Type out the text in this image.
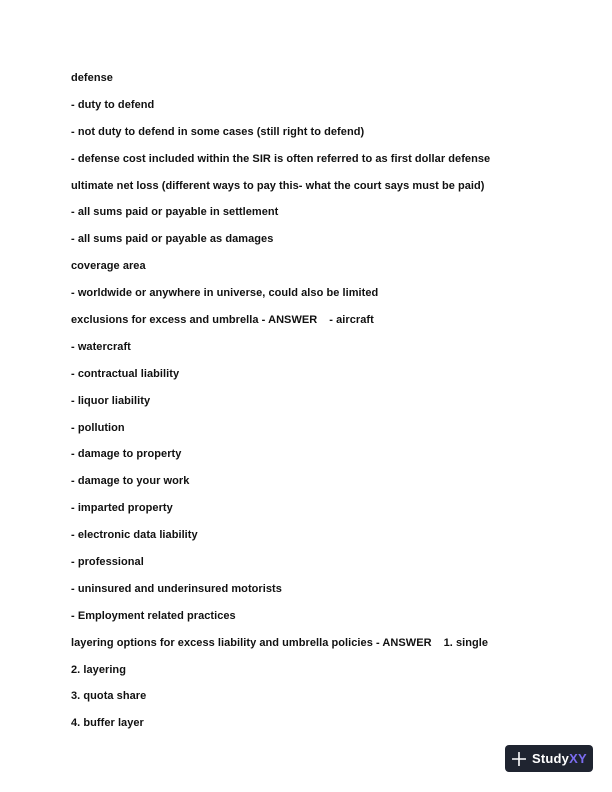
defense
- duty to defend
- not duty to defend in some cases (still right to defend)
- defense cost included within the SIR is often referred to as first dollar defense
ultimate net loss (different ways to pay this- what the court says must be paid)
- all sums paid or payable in settlement
- all sums paid or payable as damages
coverage area
- worldwide or anywhere in universe, could also be limited
exclusions for excess and umbrella - ANSWER - aircraft
- watercraft
- contractual liability
- liquor liability
- pollution
- damage to property
- damage to your work
- imparted property
- electronic data liability
- professional
- uninsured and underinsured motorists
- Employment related practices
layering options for excess liability and umbrella policies - ANSWER 1. single
2. layering
3. quota share
4. buffer layer
StudyXY
